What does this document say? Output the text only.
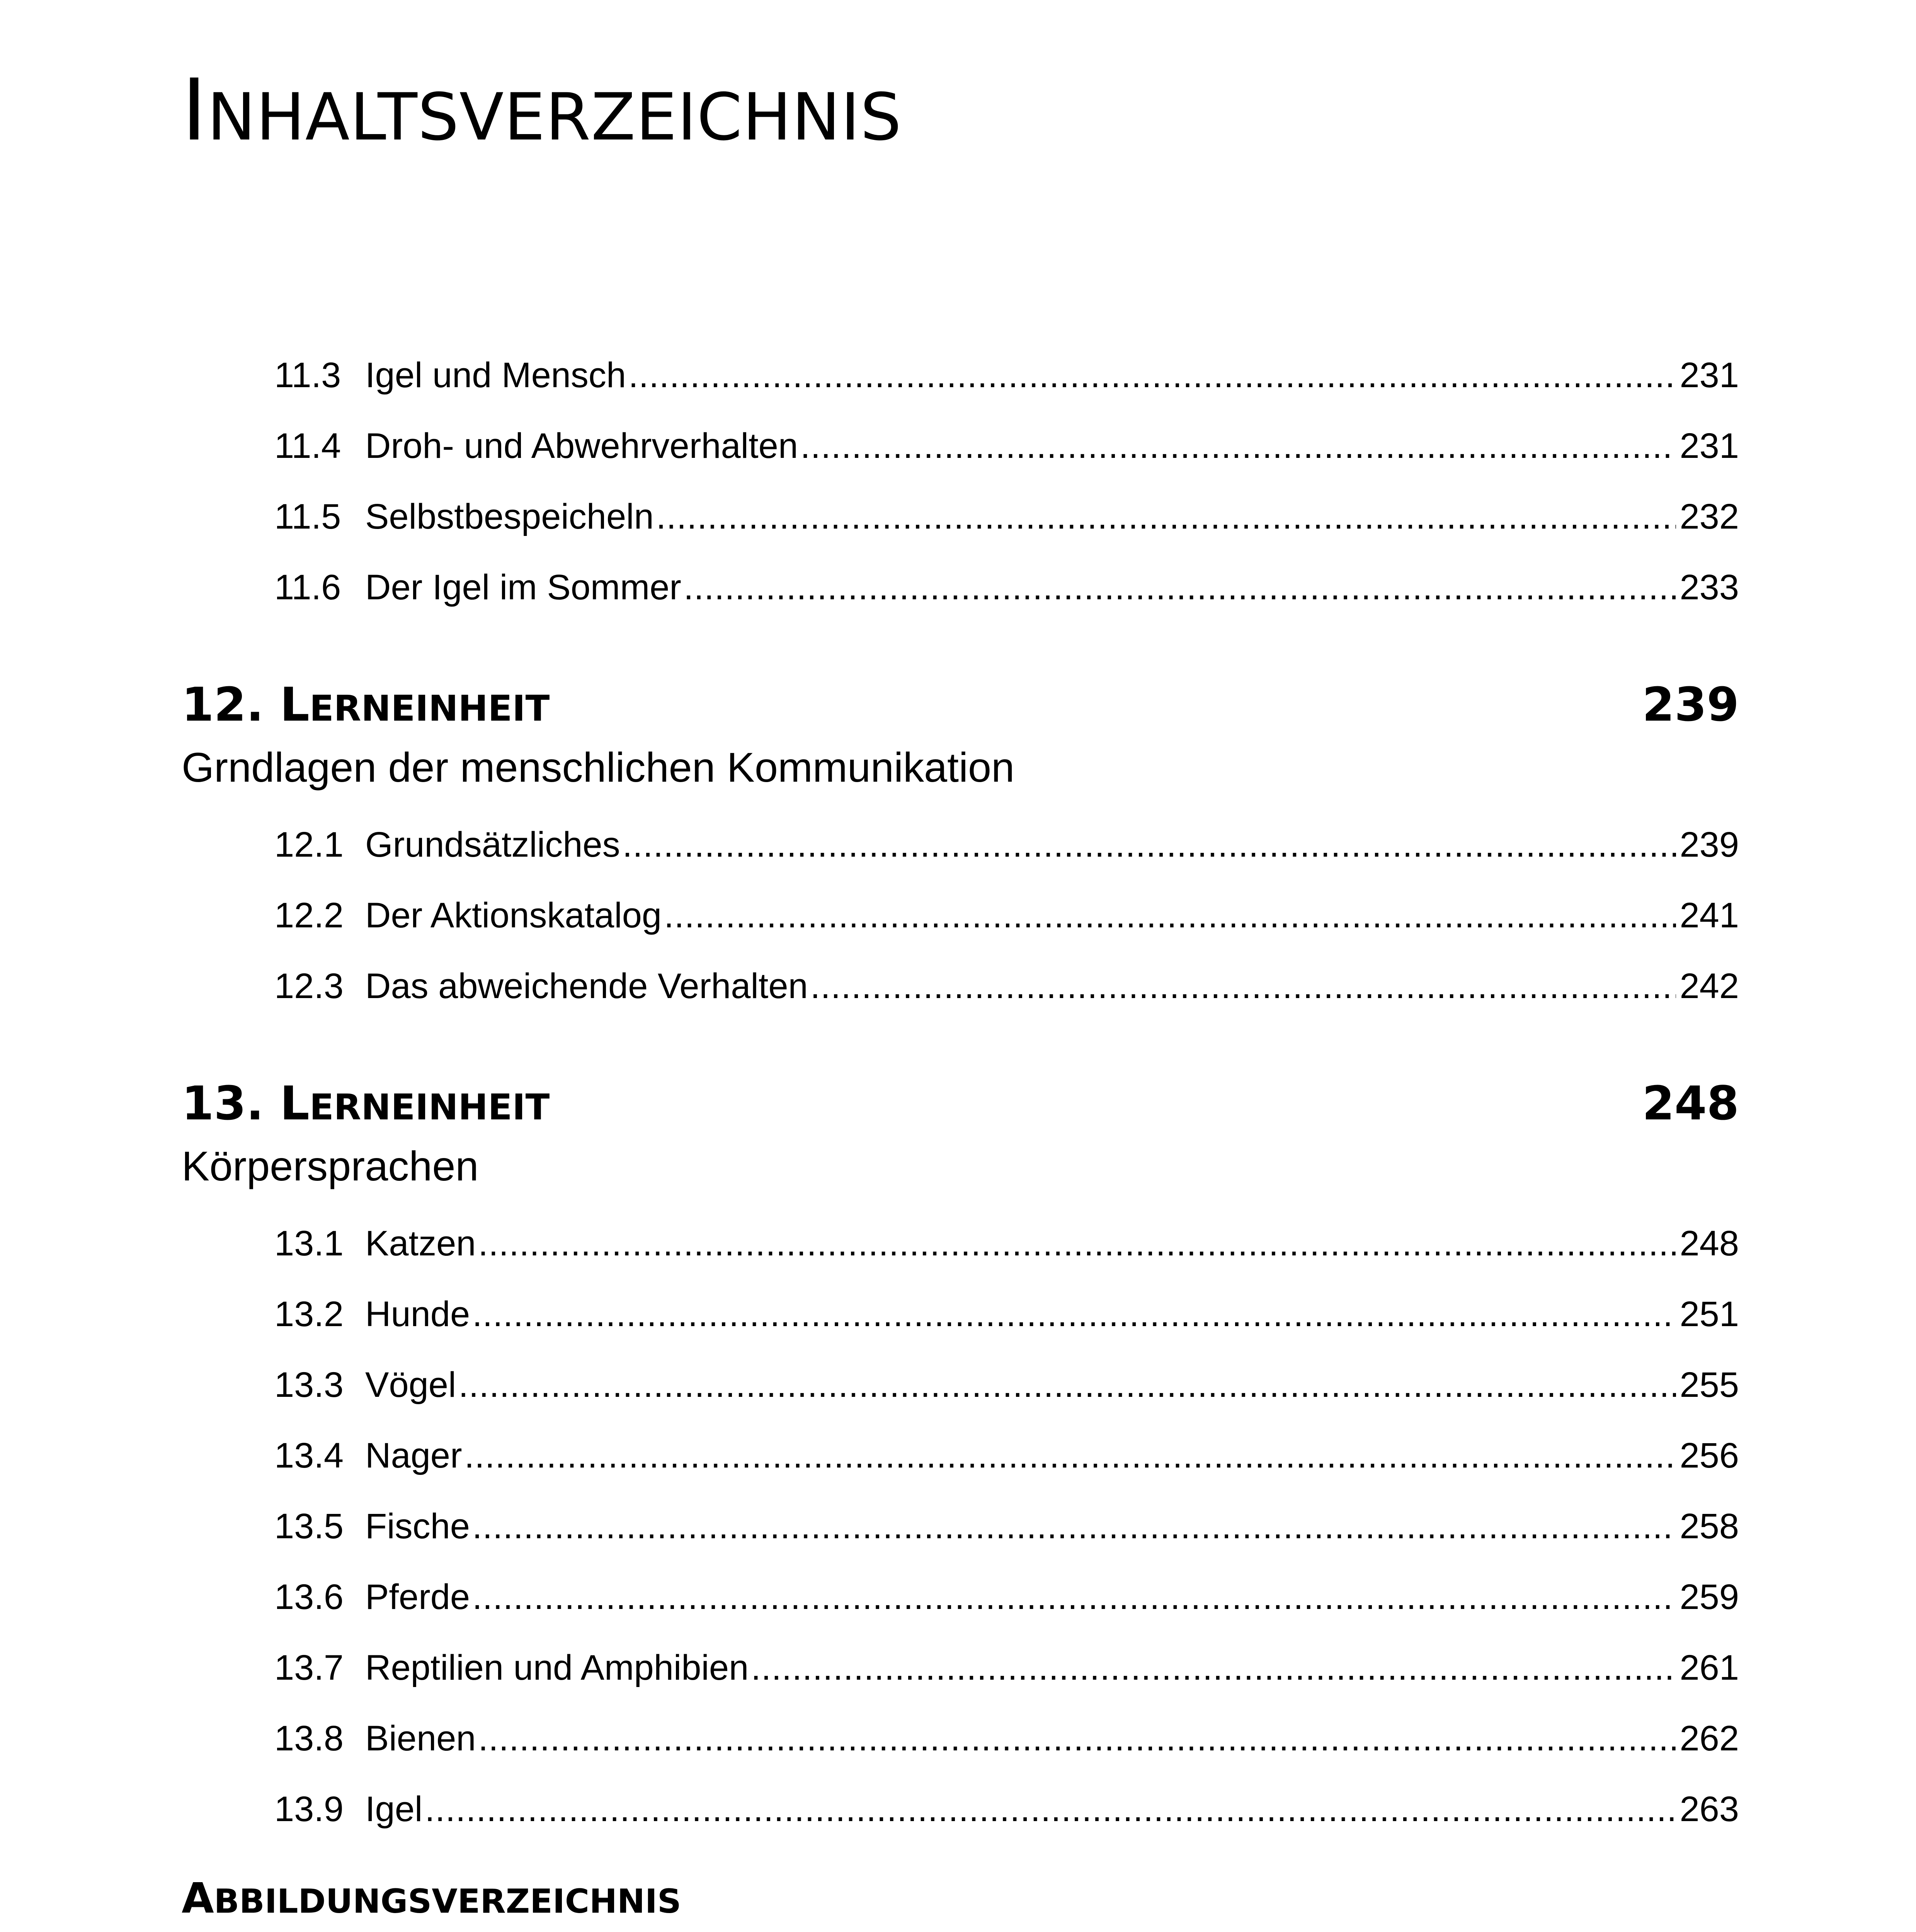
INHALTSVERZEICHNIS
11.3 Igel und Mensch .....	231
11.4 Droh- und Abwehrverhalten .....	231
11.5 Selbstbespeicheln .....	232
11.6 Der Igel im Sommer .....	233
12. LERNEINHEIT	239
Grndlagen der menschlichen Kommunikation
12.1 Grundsätzliches .....	239
12.2 Der Aktionskatalog .....	241
12.3 Das abweichende Verhalten .....	242
13. LERNEINHEIT	248
Körpersprachen
13.1 Katzen .....	248
13.2 Hunde .....	251
13.3 Vögel .....	255
13.4 Nager .....	256
13.5 Fische .....	258
13.6 Pferde .....	259
13.7 Reptilien und Amphibien .....	261
13.8 Bienen .....	262
13.9 Igel .....	263
ABBILDUNGSVERZEICHNIS
